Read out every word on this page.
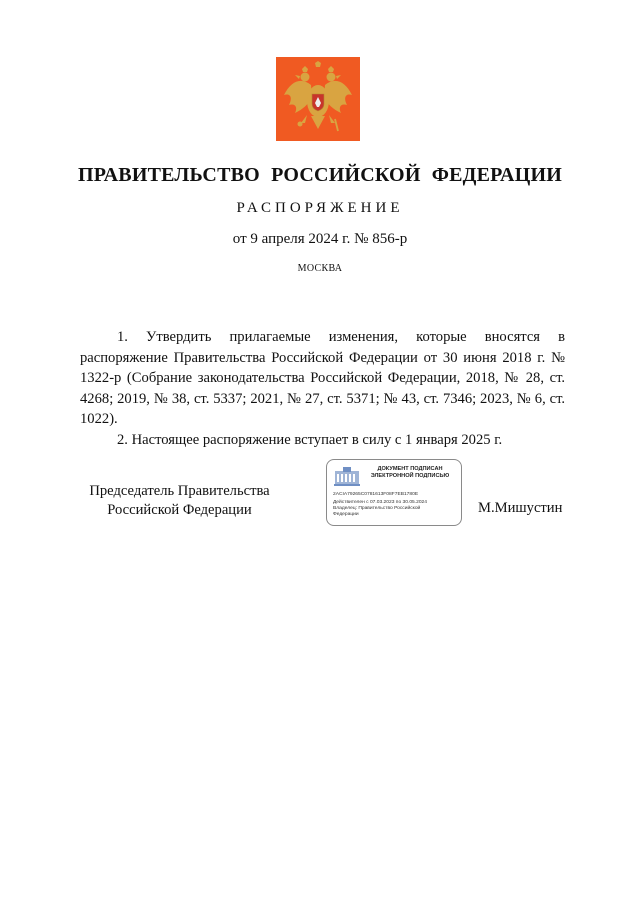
ПРАВИТЕЛЬСТВО РОССИЙСКОЙ ФЕДЕРАЦИИ
РАСПОРЯЖЕНИЕ
от 9 апреля 2024 г. № 856-р
МОСКВА

1. Утвердить прилагаемые изменения, которые вносятся в распоряжение Правительства Российской Федерации от 30 июня 2018 г. № 1322-р (Собрание законодательства Российской Федерации, 2018, № 28, ст. 4268; 2019, № 38, ст. 5337; 2021, № 27, ст. 5371; № 43, ст. 7346; 2023, № 6, ст. 1022).

2. Настоящее распоряжение вступает в силу с 1 января 2025 г.

Председатель Правительства
Российской Федерации
ДОКУМЕНТ ПОДПИСАН
ЭЛЕКТРОННОЙ ПОДПИСЬЮ
2ACIA79265C0781613F08F7EB1780E
Действителен с 07.03.2023 по 30.05.2024
Владелец: Правительство Российской
Федерации	М.Мишустин
